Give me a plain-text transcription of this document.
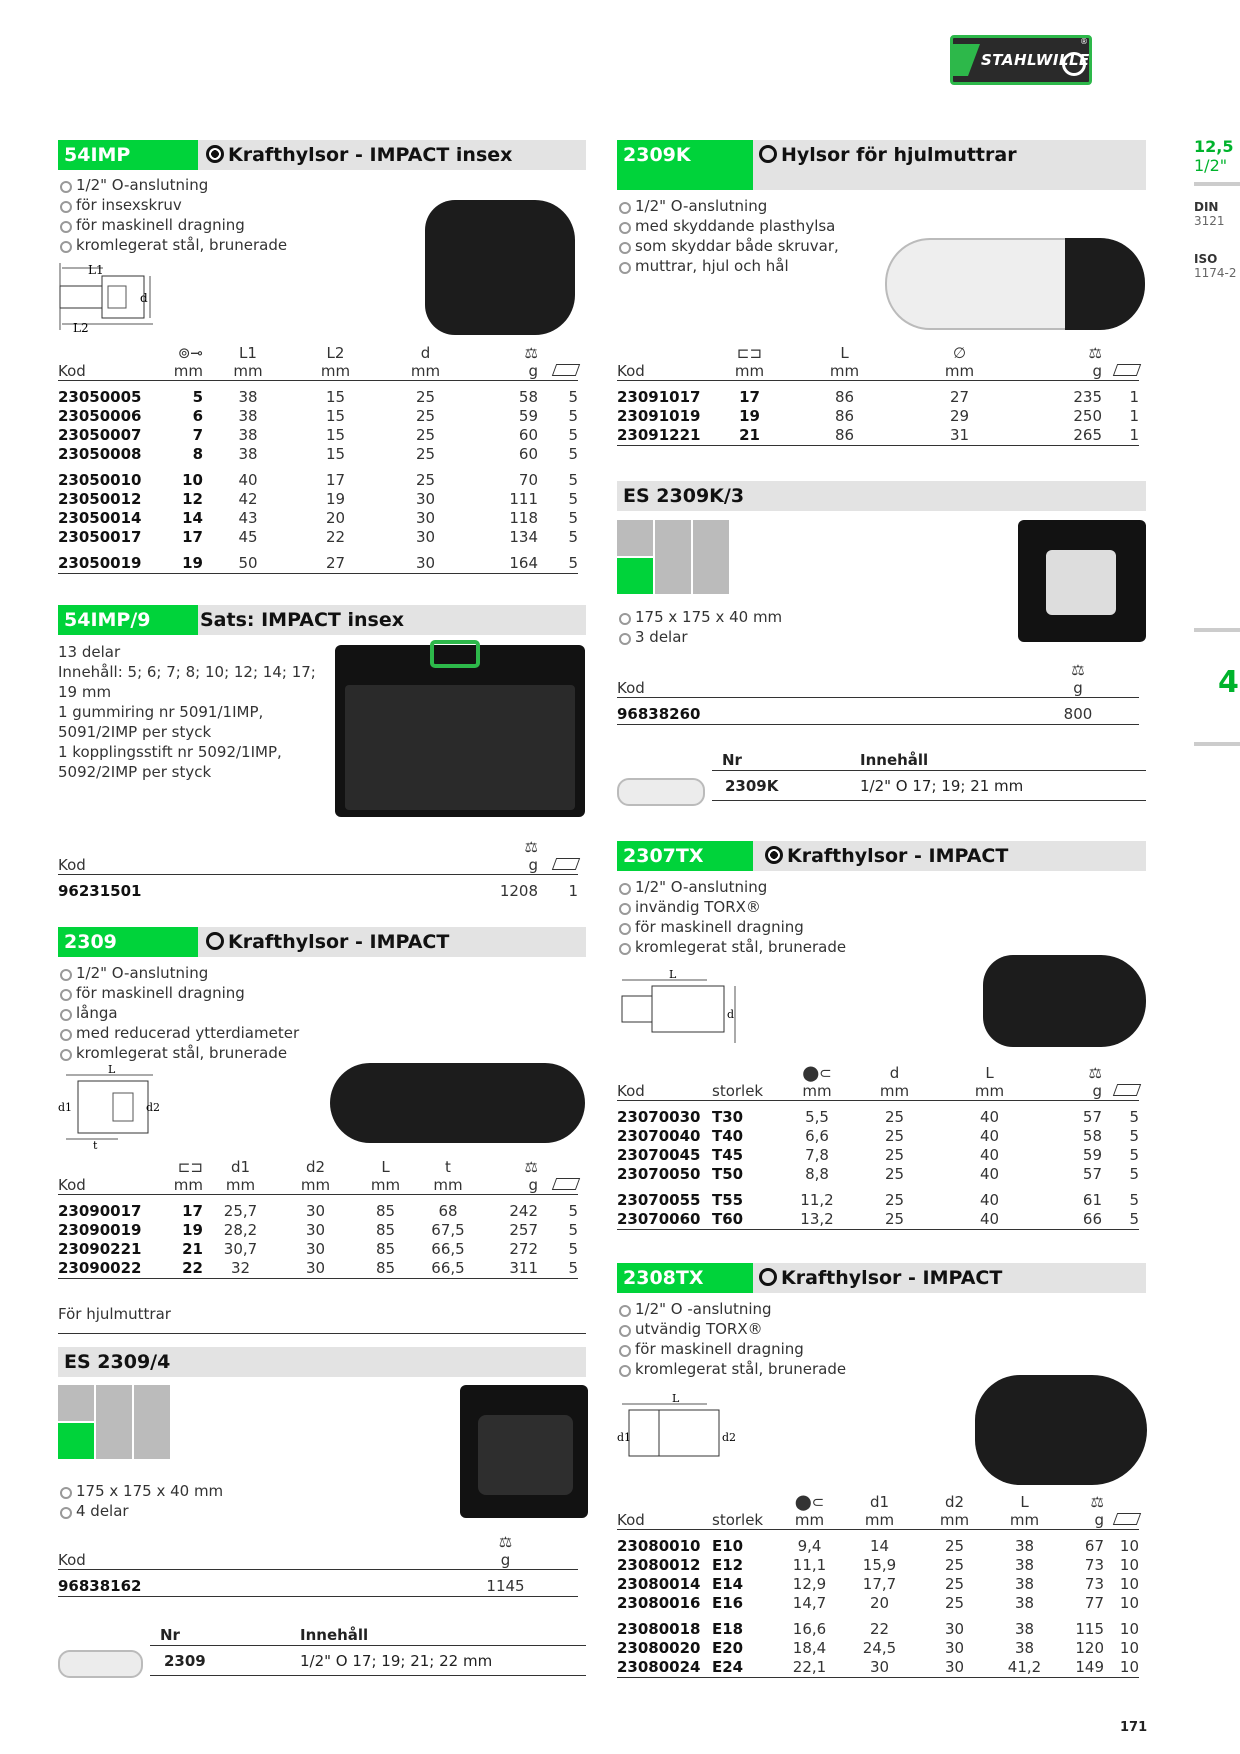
STAHLWILLE
®
12,5
1/2"
DIN
3121
ISO
1174-2
4
54IMP	Krafthylsor - IMPACT insex
1/2" O-anslutning
för insexskruv
för maskinell dragning
kromlegerat stål, brunerade
L1
L2
d
	⊚⊸	L1	L2	d	⚖	
Kod	mm	mm	mm	mm	g	
23050005	5	38	15	25	58	5
23050006	6	38	15	25	59	5
23050007	7	38	15	25	60	5
23050008	8	38	15	25	60	5
23050010	10	40	17	25	70	5
23050012	12	42	19	30	111	5
23050014	14	43	20	30	118	5
23050017	17	45	22	30	134	5
23050019	19	50	27	30	164	5
54IMP/9	Sats: IMPACT insex
13 delar
Innehåll: 5; 6; 7; 8; 10; 12; 14; 17;
19 mm
1 gummiring nr 5091/1IMP,
5091/2IMP per styck
1 kopplingsstift nr 5092/1IMP,
5092/2IMP per styck
	⚖	
Kod	g	
96231501	1208	1
2309	Krafthylsor - IMPACT
1/2" O-anslutning
för maskinell dragning
långa
med reducerad ytterdiameter
kromlegerat stål, brunerade
L
d1	d2
t
	⊏⊐	d1	d2	L	t	⚖	
Kod	mm	mm	mm	mm	mm	g	
23090017	17	25,7	30	85	68	242	5
23090019	19	28,2	30	85	67,5	257	5
23090221	21	30,7	30	85	66,5	272	5
23090022	22	32	30	85	66,5	311	5
För hjulmuttrar
ES 2309/4
175 x 175 x 40 mm
4 delar
	⚖	
Kod	g	
96838162	1145	
Nr	Innehåll
2309	1/2" O 17; 19; 21; 22 mm
2309K	Hylsor för hjulmuttrar
1/2" O-anslutning
med skyddande plasthylsa
som skyddar både skruvar,
muttrar, hjul och hål
	⊏⊐	L	∅	⚖	
Kod	mm	mm	mm	g	
23091017	17	86	27	235	1
23091019	19	86	29	250	1
23091221	21	86	31	265	1
ES 2309K/3
175 x 175 x 40 mm
3 delar
	⚖
Kod	g
96838260	800
Nr	Innehåll
2309K	1/2" O 17; 19; 21 mm
2307TX	Krafthylsor - IMPACT
1/2" O-anslutning
invändig TORX®
för maskinell dragning
kromlegerat stål, brunerade
L
d
		⬤⊂	d	L	⚖	
Kod	storlek	mm	mm	mm	g	
23070030	T30	5,5	25	40	57	5
23070040	T40	6,6	25	40	58	5
23070045	T45	7,8	25	40	59	5
23070050	T50	8,8	25	40	57	5
23070055	T55	11,2	25	40	61	5
23070060	T60	13,2	25	40	66	5
2308TX	Krafthylsor - IMPACT
1/2" O -anslutning
utvändig TORX®
för maskinell dragning
kromlegerat stål, brunerade
L
d1	d2
		⬤⊂	d1	d2	L	⚖	
Kod	storlek	mm	mm	mm	mm	g	
23080010	E10	9,4	14	25	38	67	10
23080012	E12	11,1	15,9	25	38	73	10
23080014	E14	12,9	17,7	25	38	73	10
23080016	E16	14,7	20	25	38	77	10
23080018	E18	16,6	22	30	38	115	10
23080020	E20	18,4	24,5	30	38	120	10
23080024	E24	22,1	30	30	41,2	149	10
171
